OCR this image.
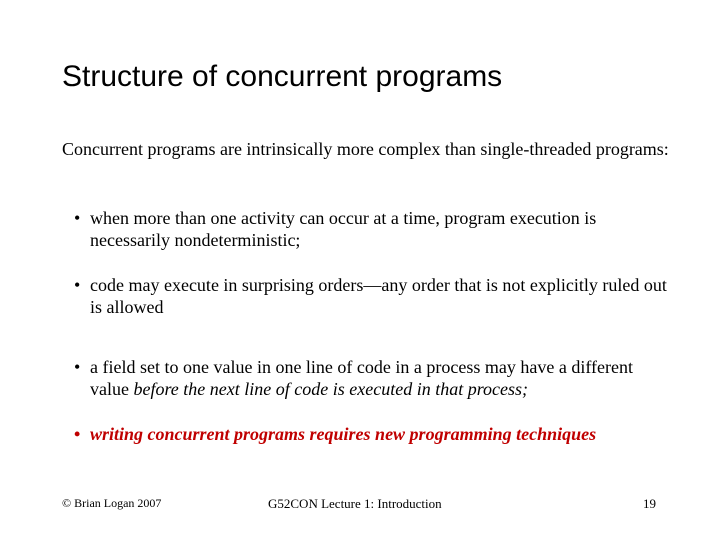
Structure of concurrent programs

Concurrent programs are intrinsically more complex than single-threaded programs:

• when more than one activity can occur at a time, program execution is necessarily nondeterministic;
• code may execute in surprising orders—any order that is not explicitly ruled out is allowed
• a field set to one value in one line of code in a process may have a different value before the next line of code is executed in that process;
• writing concurrent programs requires new programming techniques
© Brian Logan 2007	G52CON Lecture 1: Introduction	19
